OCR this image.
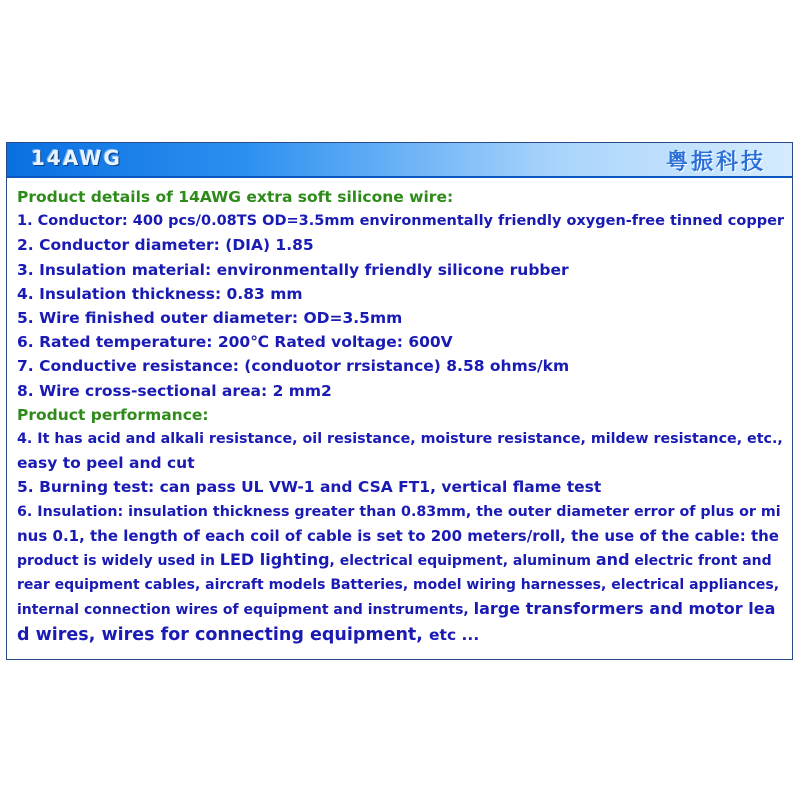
14AWG	粤振科技
Product details of 14AWG extra soft silicone wire:
1. Conductor: 400 pcs/0.08TS OD=3.5mm environmentally friendly oxygen-free tinned copper
2. Conductor diameter: (DIA) 1.85
3. Insulation material: environmentally friendly silicone rubber
4. Insulation thickness: 0.83 mm
5. Wire finished outer diameter: OD=3.5mm
6. Rated temperature: 200℃ Rated voltage: 600V
7. Conductive resistance: (conduotor rrsistance) 8.58 ohms/km
8. Wire cross-sectional area: 2 mm2
Product performance:
4. It has acid and alkali resistance, oil resistance, moisture resistance, mildew resistance, etc.,
easy to peel and cut
5. Burning test: can pass UL VW-1 and CSA FT1, vertical flame test
6. Insulation: insulation thickness greater than 0.83mm, the outer diameter error of plus or mi
nus 0.1, the length of each coil of cable is set to 200 meters/roll, the use of the cable: the
product is widely used in LED lighting, electrical equipment, aluminum and electric front and
rear equipment cables, aircraft models Batteries, model wiring harnesses, electrical appliances,
internal connection wires of equipment and instruments, large transformers and motor lea
d wires, wires for connecting equipment, etc ...
